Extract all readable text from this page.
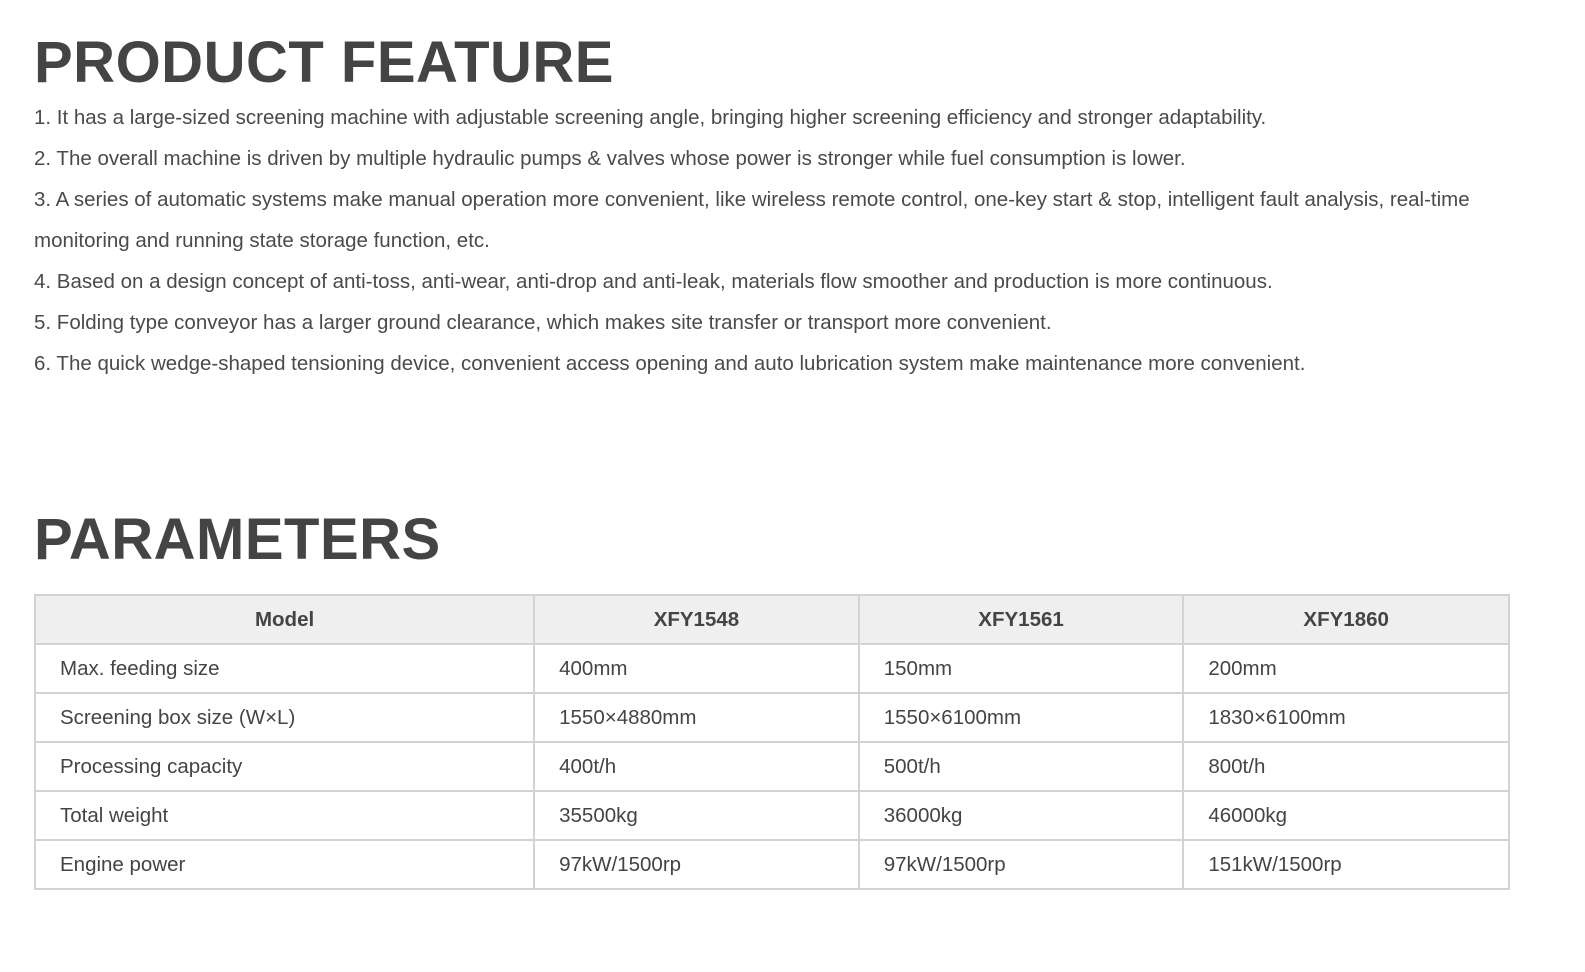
PRODUCT FEATURE
1. It has a large-sized screening machine with adjustable screening angle, bringing higher screening efficiency and stronger adaptability.
2. The overall machine is driven by multiple hydraulic pumps & valves whose power is stronger while fuel consumption is lower.
3. A series of automatic systems make manual operation more convenient, like wireless remote control, one-key start & stop, intelligent fault analysis, real-time monitoring and running state storage function, etc.
4. Based on a design concept of anti-toss, anti-wear, anti-drop and anti-leak, materials flow smoother and production is more continuous.
5. Folding type conveyor has a larger ground clearance, which makes site transfer or transport more convenient.
6. The quick wedge-shaped tensioning device, convenient access opening and auto lubrication system make maintenance more convenient.
PARAMETERS
Model	XFY1548	XFY1561	XFY1860
Max. feeding size	400mm	150mm	200mm
Screening box size (W×L)	1550×4880mm	1550×6100mm	1830×6100mm
Processing capacity	400t/h	500t/h	800t/h
Total weight	35500kg	36000kg	46000kg
Engine power	97kW/1500rp	97kW/1500rp	151kW/1500rp
